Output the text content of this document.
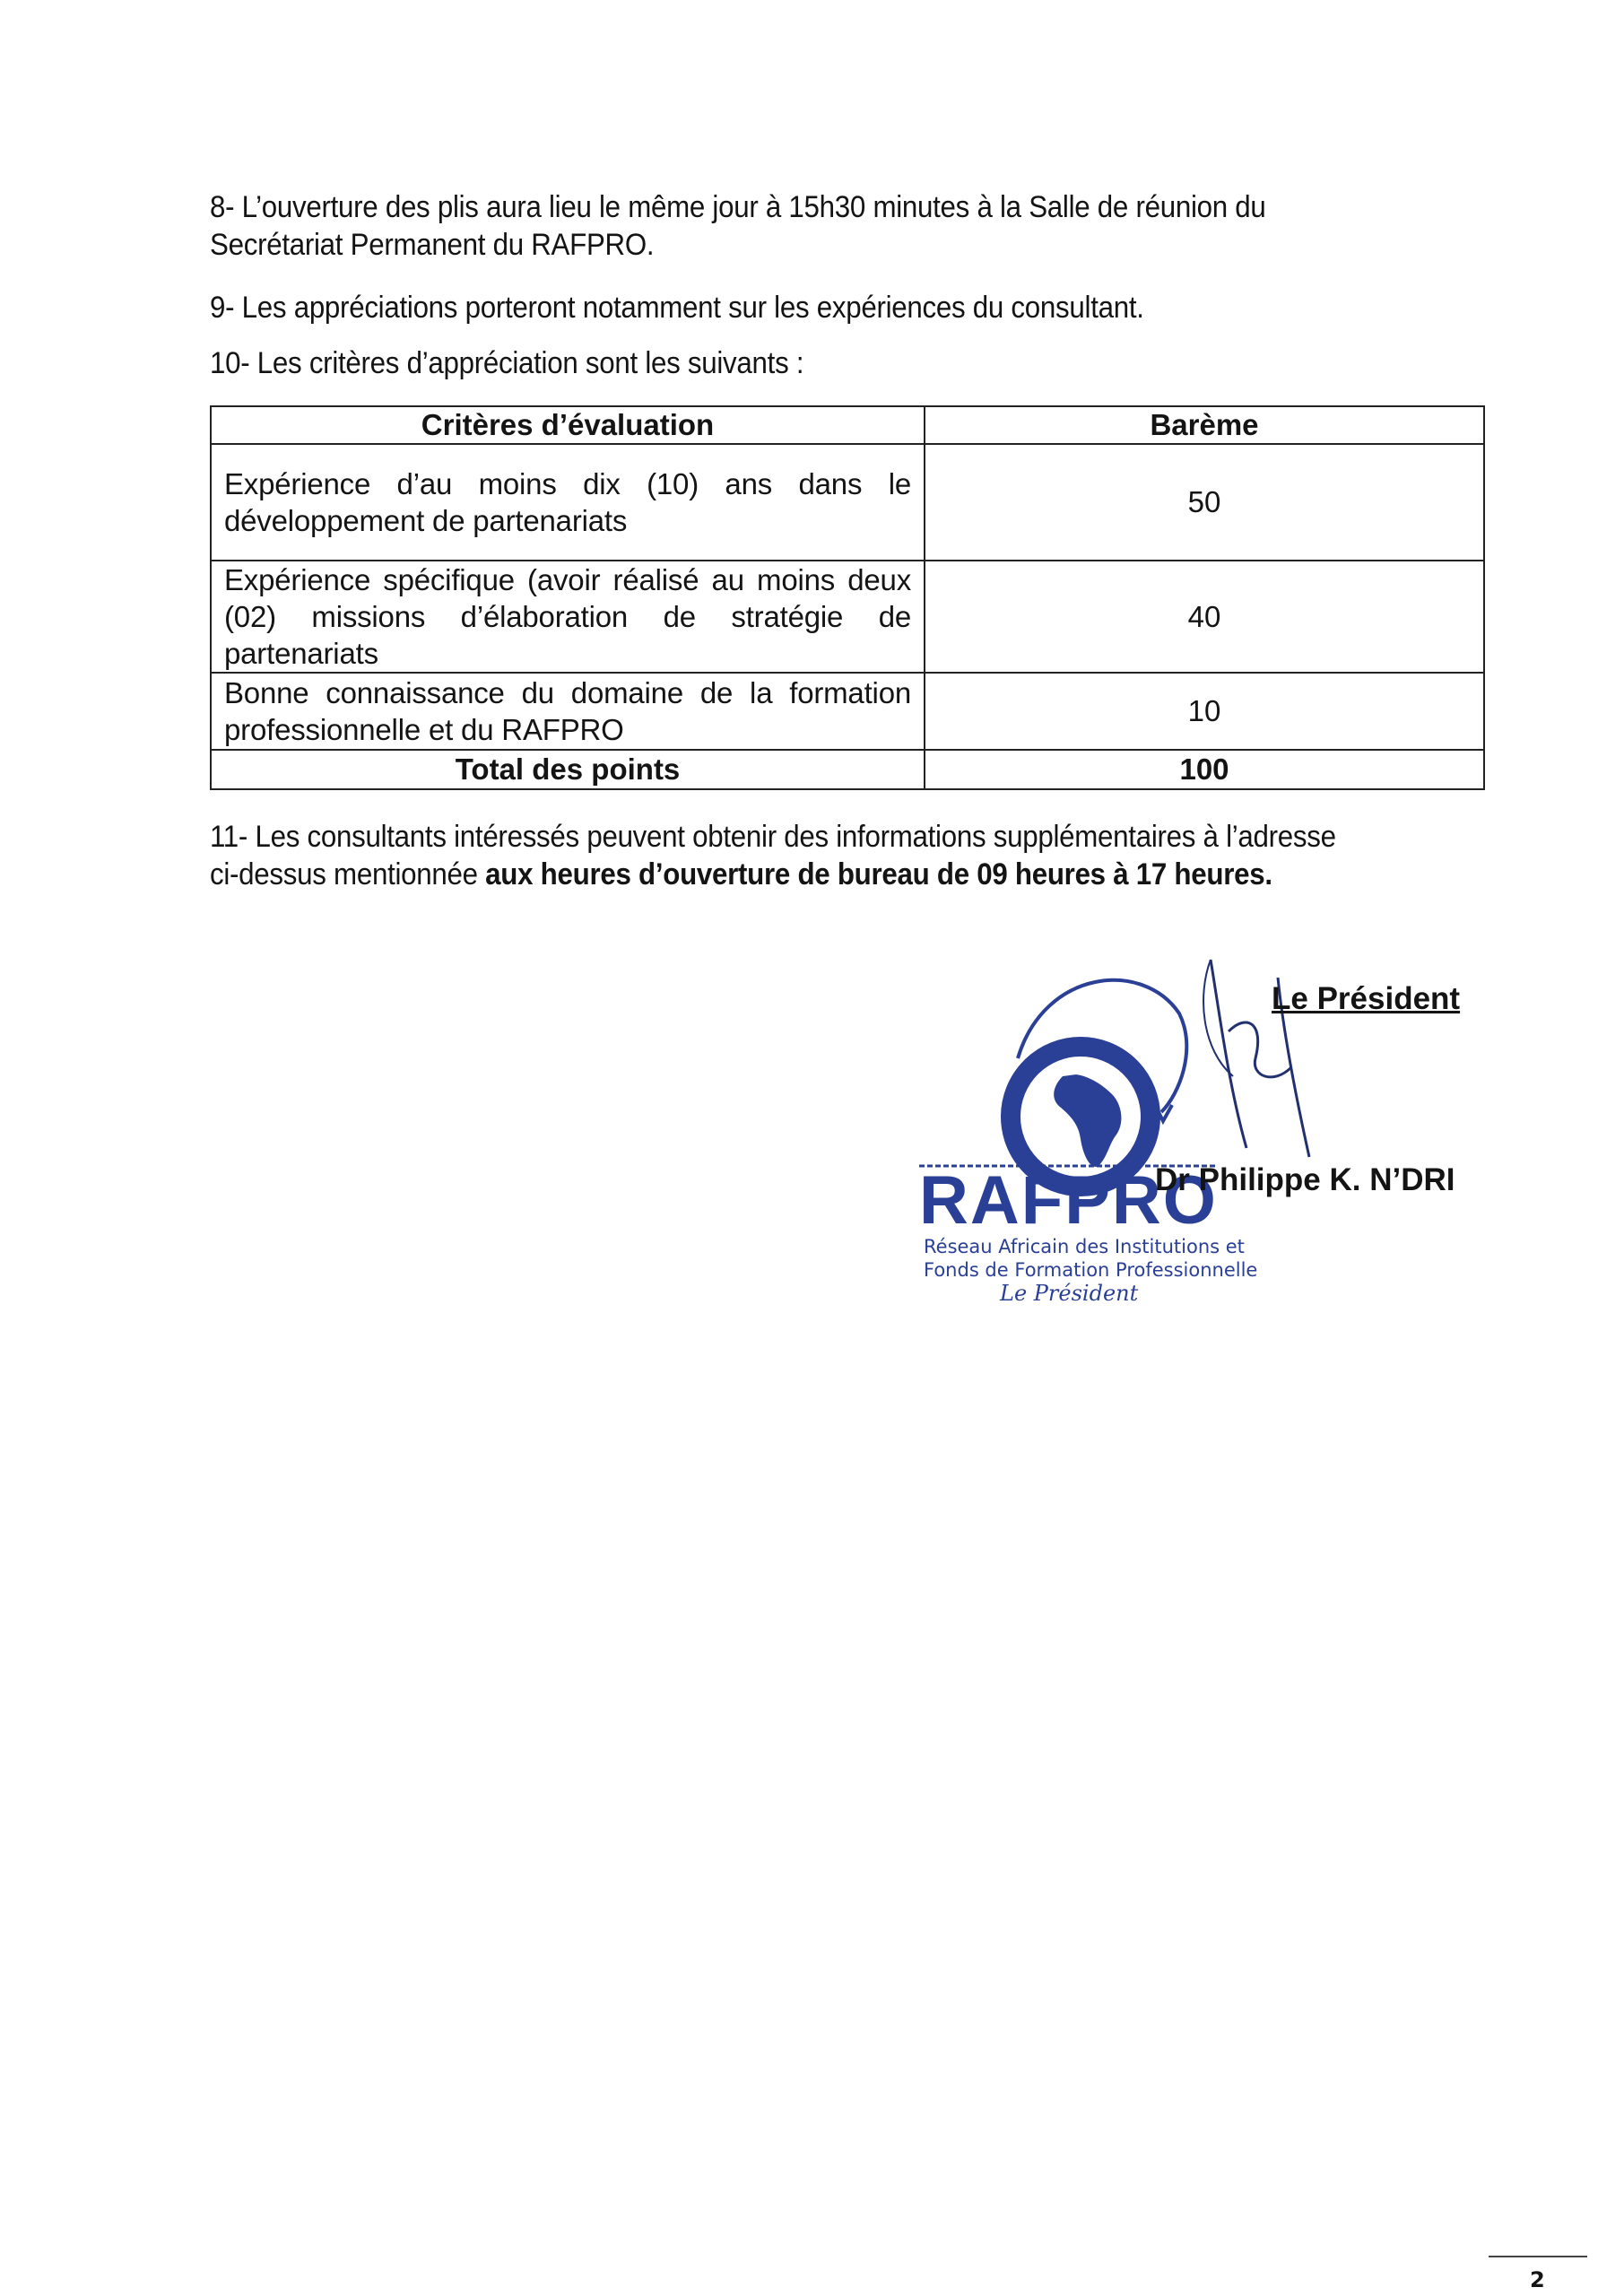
8- L’ouverture des plis aura lieu le même jour à 15h30 minutes à la Salle de réunion du Secrétariat Permanent du RAFPRO.
9- Les appréciations porteront notamment sur les expériences du consultant.
10- Les critères d’appréciation sont les suivants :
Critères d’évaluation	Barème
Expérience d’au moins dix (10) ans dans le développement de partenariats	50
Expérience spécifique (avoir réalisé au moins deux (02) missions d’élaboration de stratégie de partenariats	40
Bonne connaissance du domaine de la formation professionnelle et du RAFPRO	10
Total des points	100
11- Les consultants intéressés peuvent obtenir des informations supplémentaires à l’adresse ci-dessus mentionnée aux heures d’ouverture de bureau de 09 heures à 17 heures.
RAFPRO
Réseau Africain des Institutions et
Fonds de Formation Professionnelle
Le Président
Le Président
Dr Philippe K. N’DRI
2
